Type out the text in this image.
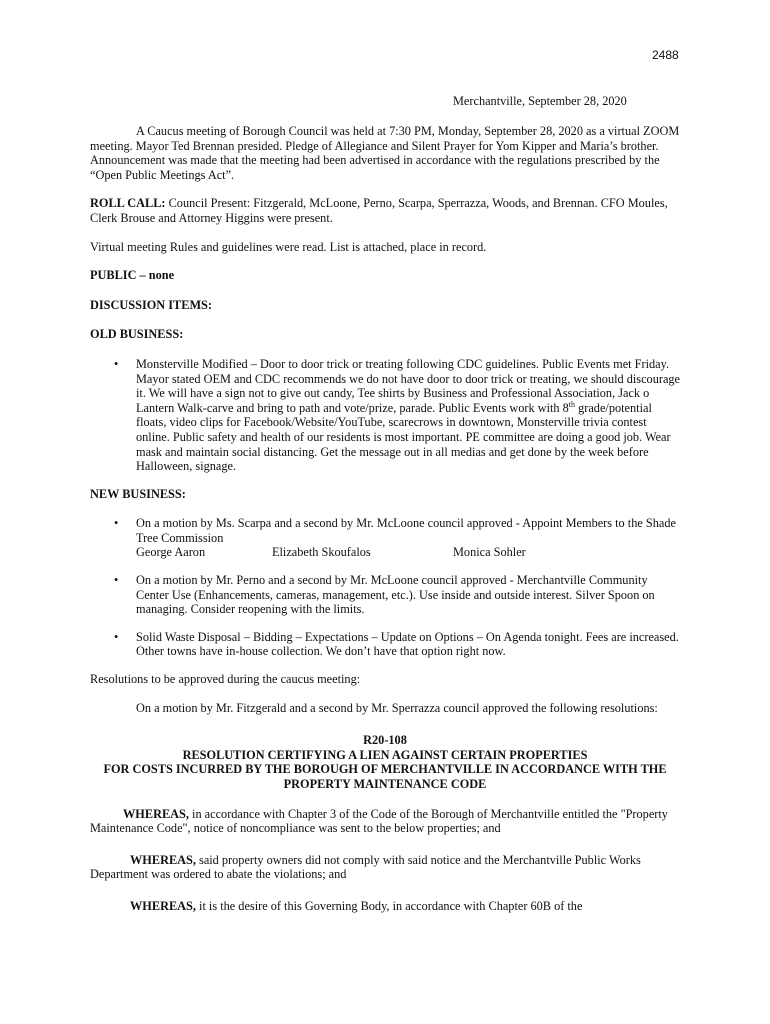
2488
Merchantville, September 28, 2020

A Caucus meeting of Borough Council was held at 7:30 PM, Monday, September 28, 2020 as a virtual ZOOM meeting. Mayor Ted Brennan presided. Pledge of Allegiance and Silent Prayer for Yom Kipper and Maria’s brother. Announcement was made that the meeting had been advertised in accordance with the regulations prescribed by the “Open Public Meetings Act”.

ROLL CALL: Council Present: Fitzgerald, McLoone, Perno, Scarpa, Sperrazza, Woods, and Brennan. CFO Moules, Clerk Brouse and Attorney Higgins were present.

Virtual meeting Rules and guidelines were read. List is attached, place in record.

PUBLIC – none

DISCUSSION ITEMS:

OLD BUSINESS:

• Monsterville Modified – Door to door trick or treating following CDC guidelines. Public Events met Friday. Mayor stated OEM and CDC recommends we do not have door to door trick or treating, we should discourage it. We will have a sign not to give out candy, Tee shirts by Business and Professional Association, Jack o Lantern Walk-carve and bring to path and vote/prize, parade. Public Events work with 8th grade/potential floats, video clips for Facebook/Website/YouTube, scarecrows in downtown, Monsterville trivia contest online. Public safety and health of our residents is most important. PE committee are doing a good job. Wear mask and maintain social distancing. Get the message out in all medias and get done by the week before Halloween, signage.

NEW BUSINESS:

• On a motion by Ms. Scarpa and a second by Mr. McLoone council approved - Appoint Members to the Shade Tree Commission
George Aaron	Elizabeth Skoufalos	Monica Sohler
• On a motion by Mr. Perno and a second by Mr. McLoone council approved - Merchantville Community Center Use (Enhancements, cameras, management, etc.). Use inside and outside interest. Silver Spoon on managing. Consider reopening with the limits.
• Solid Waste Disposal – Bidding – Expectations – Update on Options – On Agenda tonight. Fees are increased. Other towns have in-house collection. We don’t have that option right now.

Resolutions to be approved during the caucus meeting:

On a motion by Mr. Fitzgerald and a second by Mr. Sperrazza council approved the following resolutions:

R20-108
RESOLUTION CERTIFYING A LIEN AGAINST CERTAIN PROPERTIES
FOR COSTS INCURRED BY THE BOROUGH OF MERCHANTVILLE IN ACCORDANCE WITH THE
PROPERTY MAINTENANCE CODE

WHEREAS, in accordance with Chapter 3 of the Code of the Borough of Merchantville entitled the "Property Maintenance Code", notice of noncompliance was sent to the below properties; and

WHEREAS, said property owners did not comply with said notice and the Merchantville Public Works Department was ordered to abate the violations; and

WHEREAS, it is the desire of this Governing Body, in accordance with Chapter 60B of the
